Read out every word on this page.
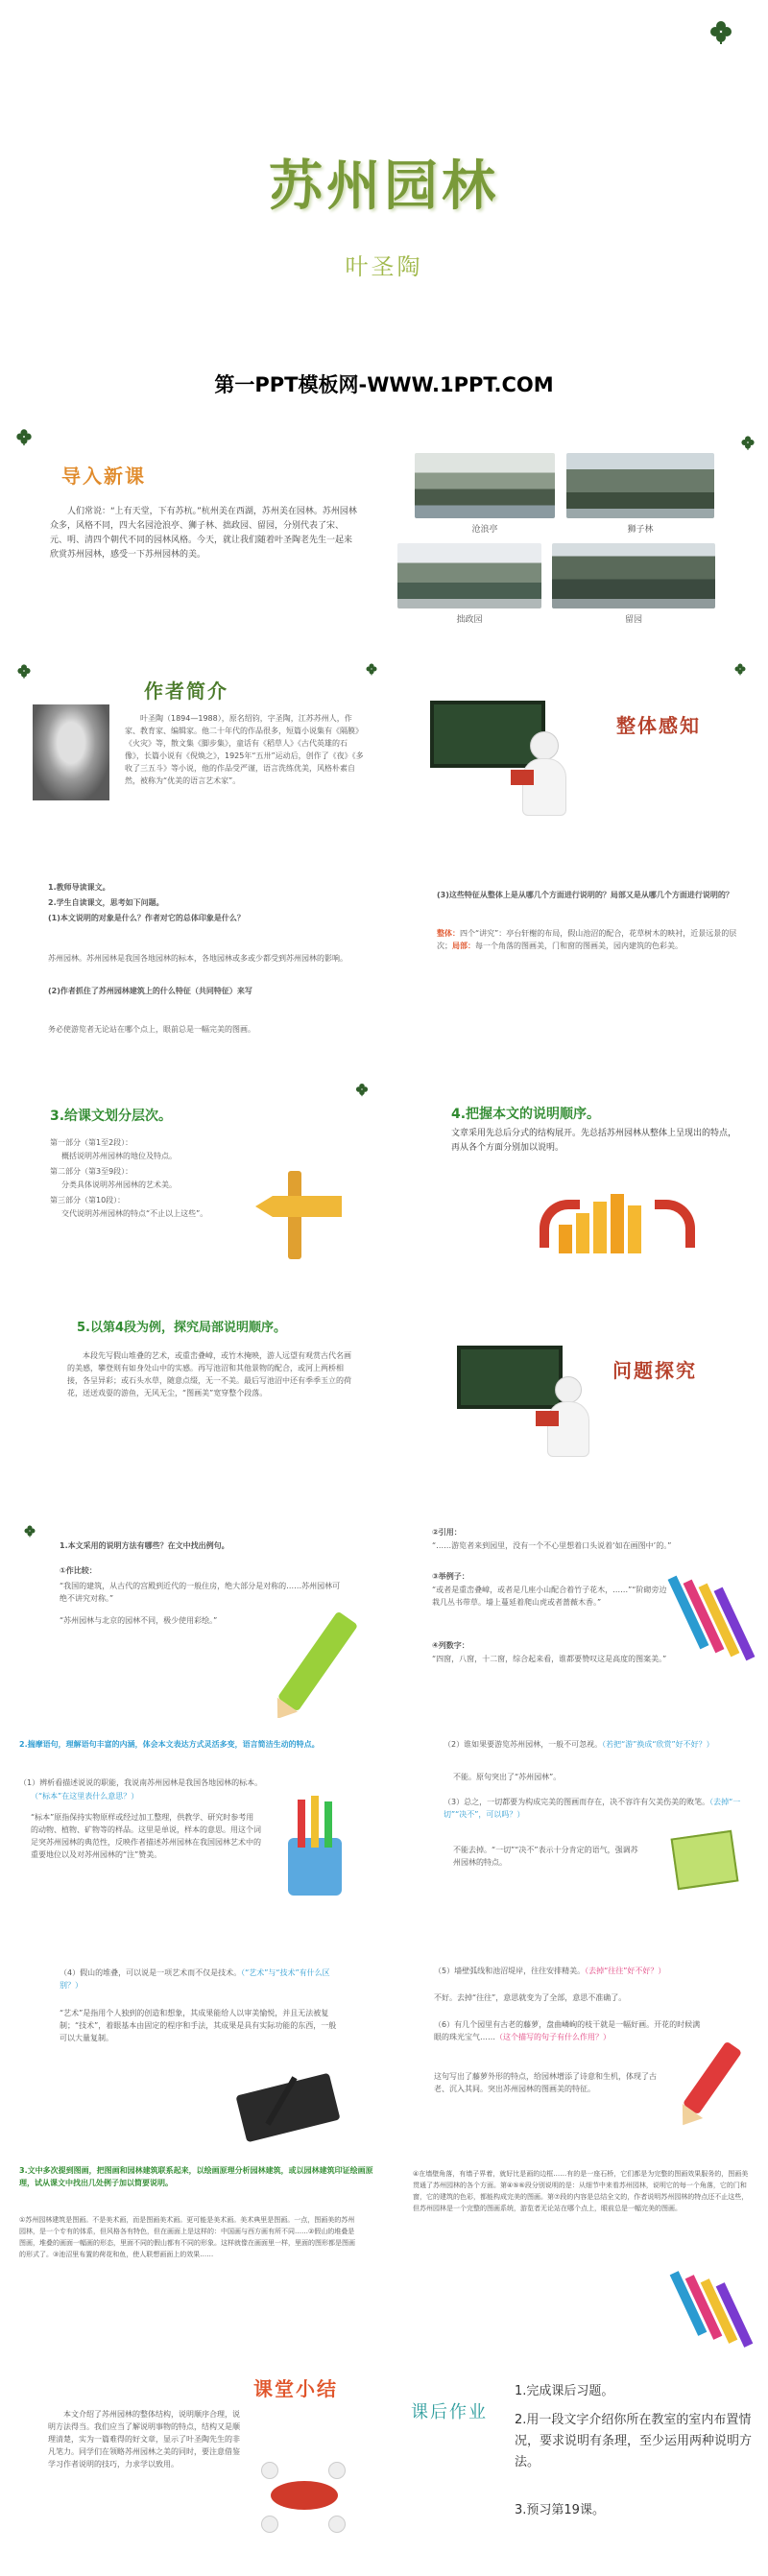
苏州园林
叶圣陶
第一PPT模板网-WWW.1PPT.COM
导入新课
人们常说：“上有天堂，下有苏杭。”杭州美在西湖，苏州美在园林。苏州园林众多，风格不同，四大名园沧浪亭、狮子林、拙政园、留园，分别代表了宋、元、明、清四个朝代不同的园林风格。今天，就让我们随着叶圣陶老先生一起来欣赏苏州园林，感受一下苏州园林的美。
沧浪亭	狮子林
拙政园	留园
作者简介
叶圣陶（1894—1988），原名绍钧，字圣陶，江苏苏州人，作家、教育家、编辑家。他二十年代的作品很多，短篇小说集有《隔膜》《火灾》等，散文集《脚步集》，童话有《稻草人》《古代英雄的石像》，长篇小说有《倪焕之》，1925年“五卅”运动后，创作了《夜》《多收了三五斗》等小说，他的作品受严谨，语言洗练优美，风格朴素自然，被称为“优美的语言艺术家”。
整体感知
1.教师导读课文。
2.学生自读课文，思考如下问题。
(1)本文说明的对象是什么？作者对它的总体印象是什么？
苏州园林。苏州园林是我国各地园林的标本，各地园林或多或少都受到苏州园林的影响。
(2)作者抓住了苏州园林建筑上的什么特征（共同特征）来写
务必使游览者无论站在哪个点上，眼前总是一幅完美的图画。
(3)这些特征从整体上是从哪几个方面进行说明的？局部又是从哪几个方面进行说明的？
整体：四个“讲究”：亭台轩榭的布局，假山池沼的配合，花草树木的映衬，近景远景的层次；局部：每一个角落的图画美，门和窗的图画美，园内建筑的色彩美。
3.给课文划分层次。
第一部分（第1至2段）：
概括说明苏州园林的地位及特点。
第二部分（第3至9段）：
分类具体说明苏州园林的艺术美。
第三部分（第10段）：
交代说明苏州园林的特点“不止以上这些”。
4.把握本文的说明顺序。
文章采用先总后分式的结构展开。先总括苏州园林从整体上呈现出的特点，再从各个方面分别加以说明。
5.以第4段为例，探究局部说明顺序。
本段先写假山堆叠的艺术，或重峦叠嶂，或竹木掩映，游人远望有观赏古代名画的美感，攀登则有如身处山中的实感。再写池沼和其他景物的配合，或河上两桥相接，各呈异彩；或石头水草，随意点缀，无一不美。最后写池沼中还有季季玉立的荷花，送送戏耍的游鱼，无风无尘，“图画美”宽穿整个段落。
问题探究
1.本文采用的说明方法有哪些？在文中找出例句。
①作比较：
“我国的建筑，从古代的宫殿到近代的一般住房，绝大部分是对称的……苏州园林可绝不讲究对称。”
“苏州园林与北京的园林不同，极少使用彩绘。”
②引用：
“……游览者来到园里，没有一个不心里想着口头说着‘如在画图中’的。”
③举例子：
“或者是重峦叠嶂，或者是几座小山配合着竹子花木，……”“阶砌旁边栽几丛书带草。墙上蔓延着爬山虎或者蔷薇木香。”
④列数字：
“四窗，八窗，十二窗，综合起来看，谁都要赞叹这是高度的图案美。”
2.揣摩语句，理解语句丰富的内涵，体会本文表达方式灵活多变，语言简洁生动的特点。
（1）辨析看描述说说的职能，我说南苏州园林是我国各地园林的标本。
（“标本”在这里表什么意思？）
“标本”原指保持实物原样或经过加工整理，供教学、研究时参考用的动物、植物、矿物等的样品。这里是单说，样本的意思。用这个词足突苏州园林的典范性，反映作者描述苏州园林在我国园林艺术中的重要地位以及对苏州园林的“注”赞美。
（2）谁如果要游览苏州园林，一般不可忽视。（若把“游”换成“欣赏”好不好？）
不能。原句突出了“苏州园林”。
（3）总之，一切都要为构成完美的图画而存在，决不容许有欠美伤美的败笔。（去掉“一切”“决不”，可以吗？）
不能去掉。“一切”“决不”表示十分肯定的语气，强调苏州园林的特点。
（4）假山的堆叠，可以说是一项艺术而不仅是技术。（“艺术”与“技术”有什么区别？）
“艺术”是指用个人独到的创造和想象，其成果能给人以审美愉悦，并且无法被复制；“技术”，着眼基本由固定的程序和手法，其成果是具有实际功能的东西，一般可以大量复制。
（5）墙壁弧线和池沼堤岸，往往安排精美。（去掉“往往”好不好？）
不好。去掉“往往”，意思就变为了全部，意思不准确了。
（6）有几个园里有古老的藤萝，盘曲嶙峋的枝干就是一幅好画。开花的时候满眼的珠光宝气……（这个描写的句子有什么作用？）
这句写出了藤萝外形的特点，给园林增添了诗意和生机，体现了古老、沉入其间。突出苏州园林的图画美的特征。
3.文中多次提到图画，把图画和园林建筑联系起来，以绘画原理分析园林建筑，或以园林建筑印证绘画原理，试从课文中找出几处例子加以简要说明。
①苏州园林建筑是图画。不是美术画，而是图画美术画。更可能是美术画。美术典里是图画。一点，图画美的苏州园林，是一个专有的体系，但风格各有特色，但在画面上是这样的：中国画与西方画有所不同……②假山的堆叠是图画，堆叠的画面一幅画的形态，里面不同的假山都有不同的形象。这样就像在画面里一样，里面的图形都是图画的形式了。③池沼里布置的荷花和鱼，使人联想画面上的效果……
④在墙壁角落，有墙子界着，就好比是画的边框……有的是一座石桥，它们都是为完整的图画效果服务的，图画美贯通了苏州园林的各个方面。第④⑤⑥段分别说明的是：从细节中来看苏州园林，说明它的每一个角落，它的门和窗，它的建筑的色彩，都能构成完美的图画。第⑦段的内容是总结全文的，作者说明苏州园林的特点还不止这些，但苏州园林是一个完整的图画系统，游览者无论站在哪个点上，眼前总是一幅完美的图画。
课堂小结
本文介绍了苏州园林的整体结构，说明顺序合理，说明方法得当。我们应当了解说明事物的特点，结构又是顺理清楚，实为一篇难得的好文章，显示了叶圣陶先生的非凡笔力。同学们在领略苏州园林之美的同时，要注意借鉴学习作者说明的技巧，力求学以致用。
课后作业
1.完成课后习题。
2.用一段文字介绍你所在教室的室内布置情况，要求说明有条理，至少运用两种说明方法。
3.预习第19课。
